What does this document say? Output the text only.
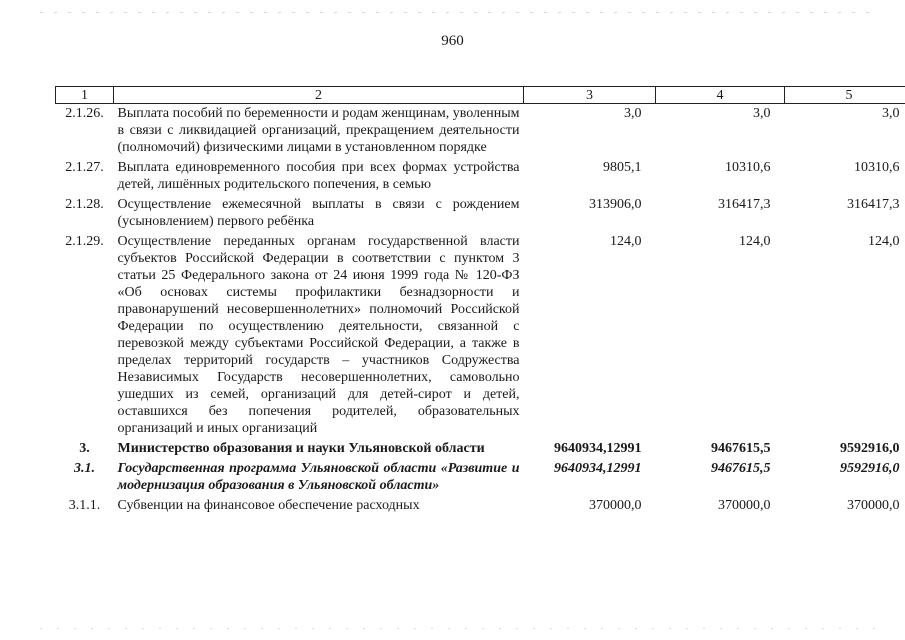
960
1	2	3	4	5
2.1.26.	Выплата пособий по беременности и родам женщинам, уволенным в связи с ликвидацией организаций, прекращением деятельности (полномочий) физическими лицами в установленном порядке	3,0	3,0	3,0
2.1.27.	Выплата единовременного пособия при всех формах устройства детей, лишённых родительского попечения, в семью	9805,1	10310,6	10310,6
2.1.28.	Осуществление ежемесячной выплаты в связи с рождением (усыновлением) первого ребёнка	313906,0	316417,3	316417,3
2.1.29.	Осуществление переданных органам государственной власти субъектов Российской Федерации в соответствии с пунктом 3 статьи 25 Федерального закона от 24 июня 1999 года № 120-ФЗ «Об основах системы профилактики безнадзорности и правонарушений несовершеннолетних» полномочий Российской Федерации по осуществлению деятельности, связанной с перевозкой между субъектами Российской Федерации, а также в пределах территорий государств – участников Содружества Независимых Государств несовершеннолетних, самовольно ушедших из семей, организаций для детей-сирот и детей, оставшихся без попечения родителей, образовательных организаций и иных организаций	124,0	124,0	124,0
3.	Министерство образования и науки Ульяновской области	9640934,12991	9467615,5	9592916,0
3.1.	Государственная программа Ульяновской области «Развитие и модернизация образования в Ульяновской области»	9640934,12991	9467615,5	9592916,0
3.1.1.	Субвенции на финансовое обеспечение расходных	370000,0	370000,0	370000,0
